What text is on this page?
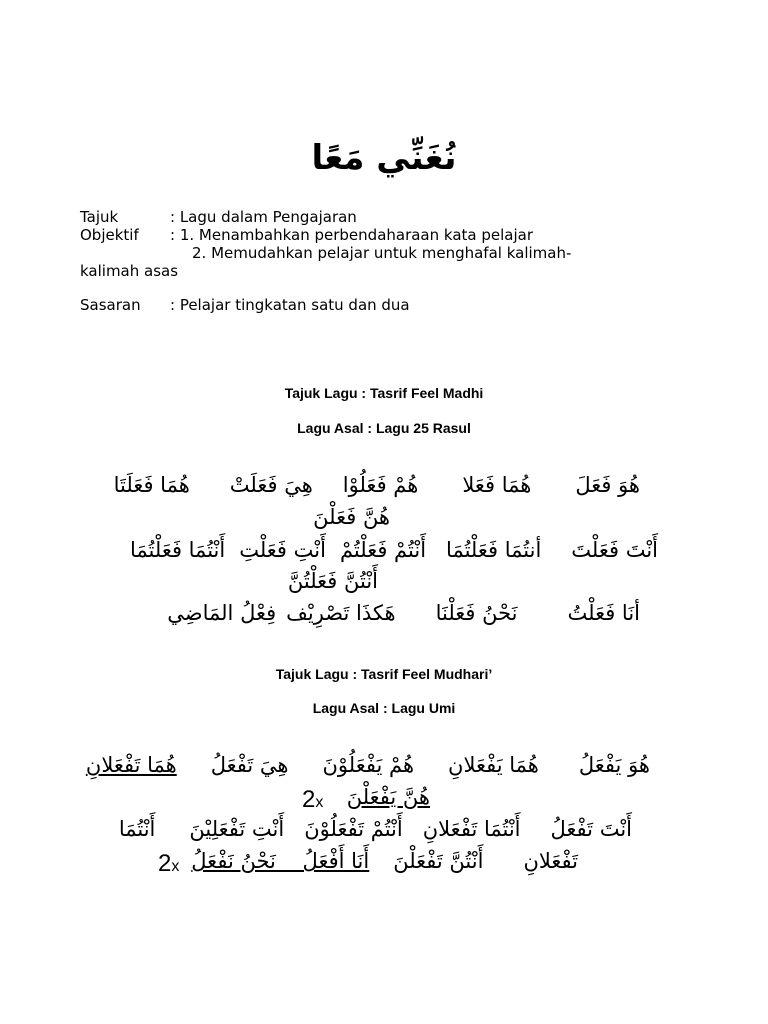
نُغَنِّي مَعًا
Tajuk	: Lagu dalam Pengajaran
Objektif : 1. Menambahkan perbendaharaan kata pelajar
2. Memudahkan pelajar untuk menghafal kalimah-
kalimah asas
Sasaran : Pelajar tingkatan satu dan dua
Tajuk Lagu : Tasrif Feel Madhi
Lagu Asal : Lagu 25 Rasul
هُوَ فَعَلَهُمَا فَعَلاهُمْ فَعَلُوْاهِيَ فَعَلَتْهُمَا فَعَلَتَا
هُنَّ فَعَلْنَ
أَنْتَ فَعَلْتَأنتُمَا فَعَلْتُمَاأَنْتُمْ فَعَلْتُمْأَنْتِ فَعَلْتِأَنْتُمَا فَعَلْتُمَا
أَنْتُنَّ فَعَلْتُنَّ
أنَا فَعَلْتُنَحْنُ فَعَلْنَاهَكذَا تَصْرِيْففِعْلُ المَاضِي
Tajuk Lagu : Tasrif Feel Mudhari’
Lagu Asal : Lagu Umi
هُوَ يَفْعَلُهُمَا يَفْعَلانِهُمْ يَفْعَلُوْنَهِيَ تَفْعَلُهُمَا تَفْعَلانِ
2x هُنَّ يَفْعَلْنَ
أَنْتَ تَفْعَلُأَنْتُمَا تَفْعَلانِأَنْتُمْ تَفْعَلُوْنَأَنْتِ تَفْعَلِيْنَأَنْتُمَا
2x	تَفْعَلانِأَنْتُنَّ تَفْعَلْنَأَنَا أَفْعَلُ    نَحْنُ نَفْعَلُ
